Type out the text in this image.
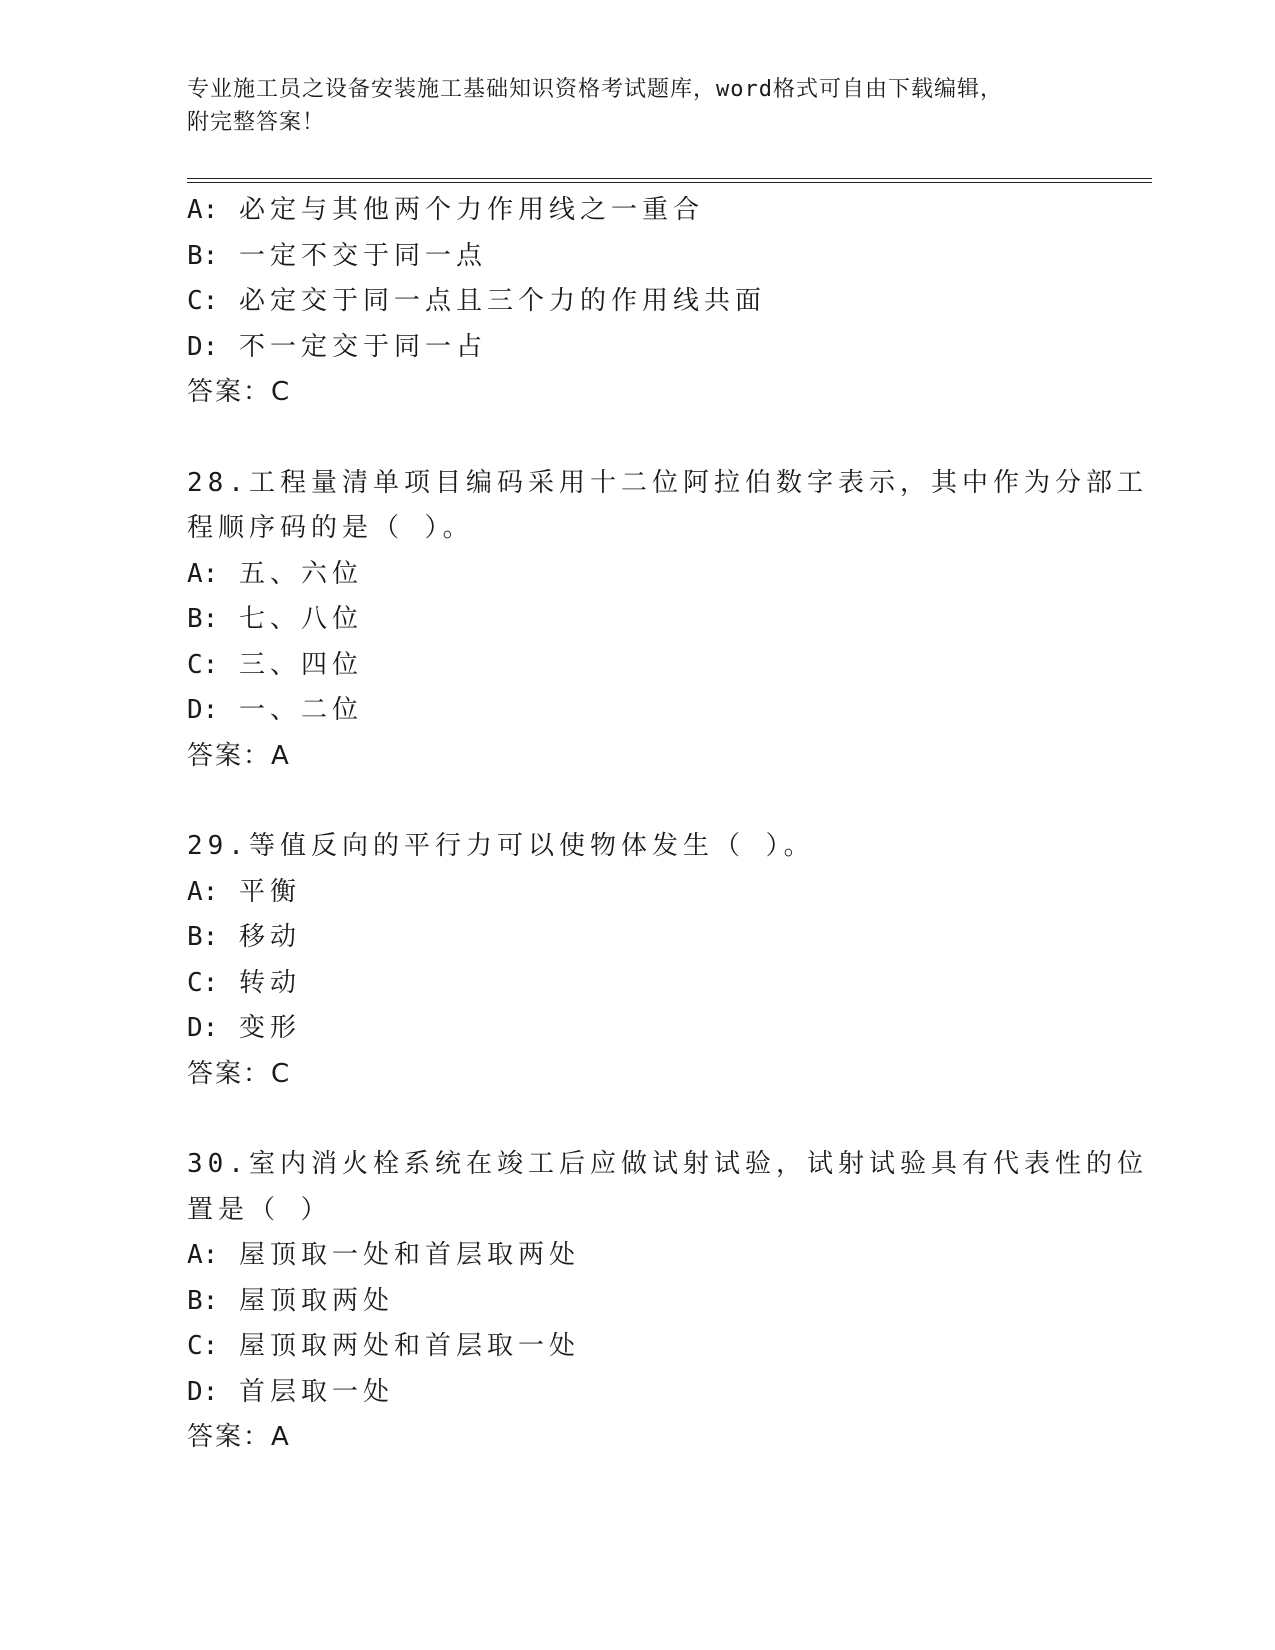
专业施工员之设备安装施工基础知识资格考试题库，word格式可自由下载编辑，
附完整答案！
A: 必定与其他两个力作用线之一重合
B: 一定不交于同一点
C: 必定交于同一点且三个力的作用线共面
D: 不一定交于同一占
答案：C
28.工程量清单项目编码采用十二位阿拉伯数字表示，其中作为分部工
程顺序码的是（ ）。
A: 五、六位
B: 七、八位
C: 三、四位
D: 一、二位
答案：A
29.等值反向的平行力可以使物体发生（ ）。
A: 平衡
B: 移动
C: 转动
D: 变形
答案：C
30.室内消火栓系统在竣工后应做试射试验，试射试验具有代表性的位
置是（ ）
A: 屋顶取一处和首层取两处
B: 屋顶取两处
C: 屋顶取两处和首层取一处
D: 首层取一处
答案：A
